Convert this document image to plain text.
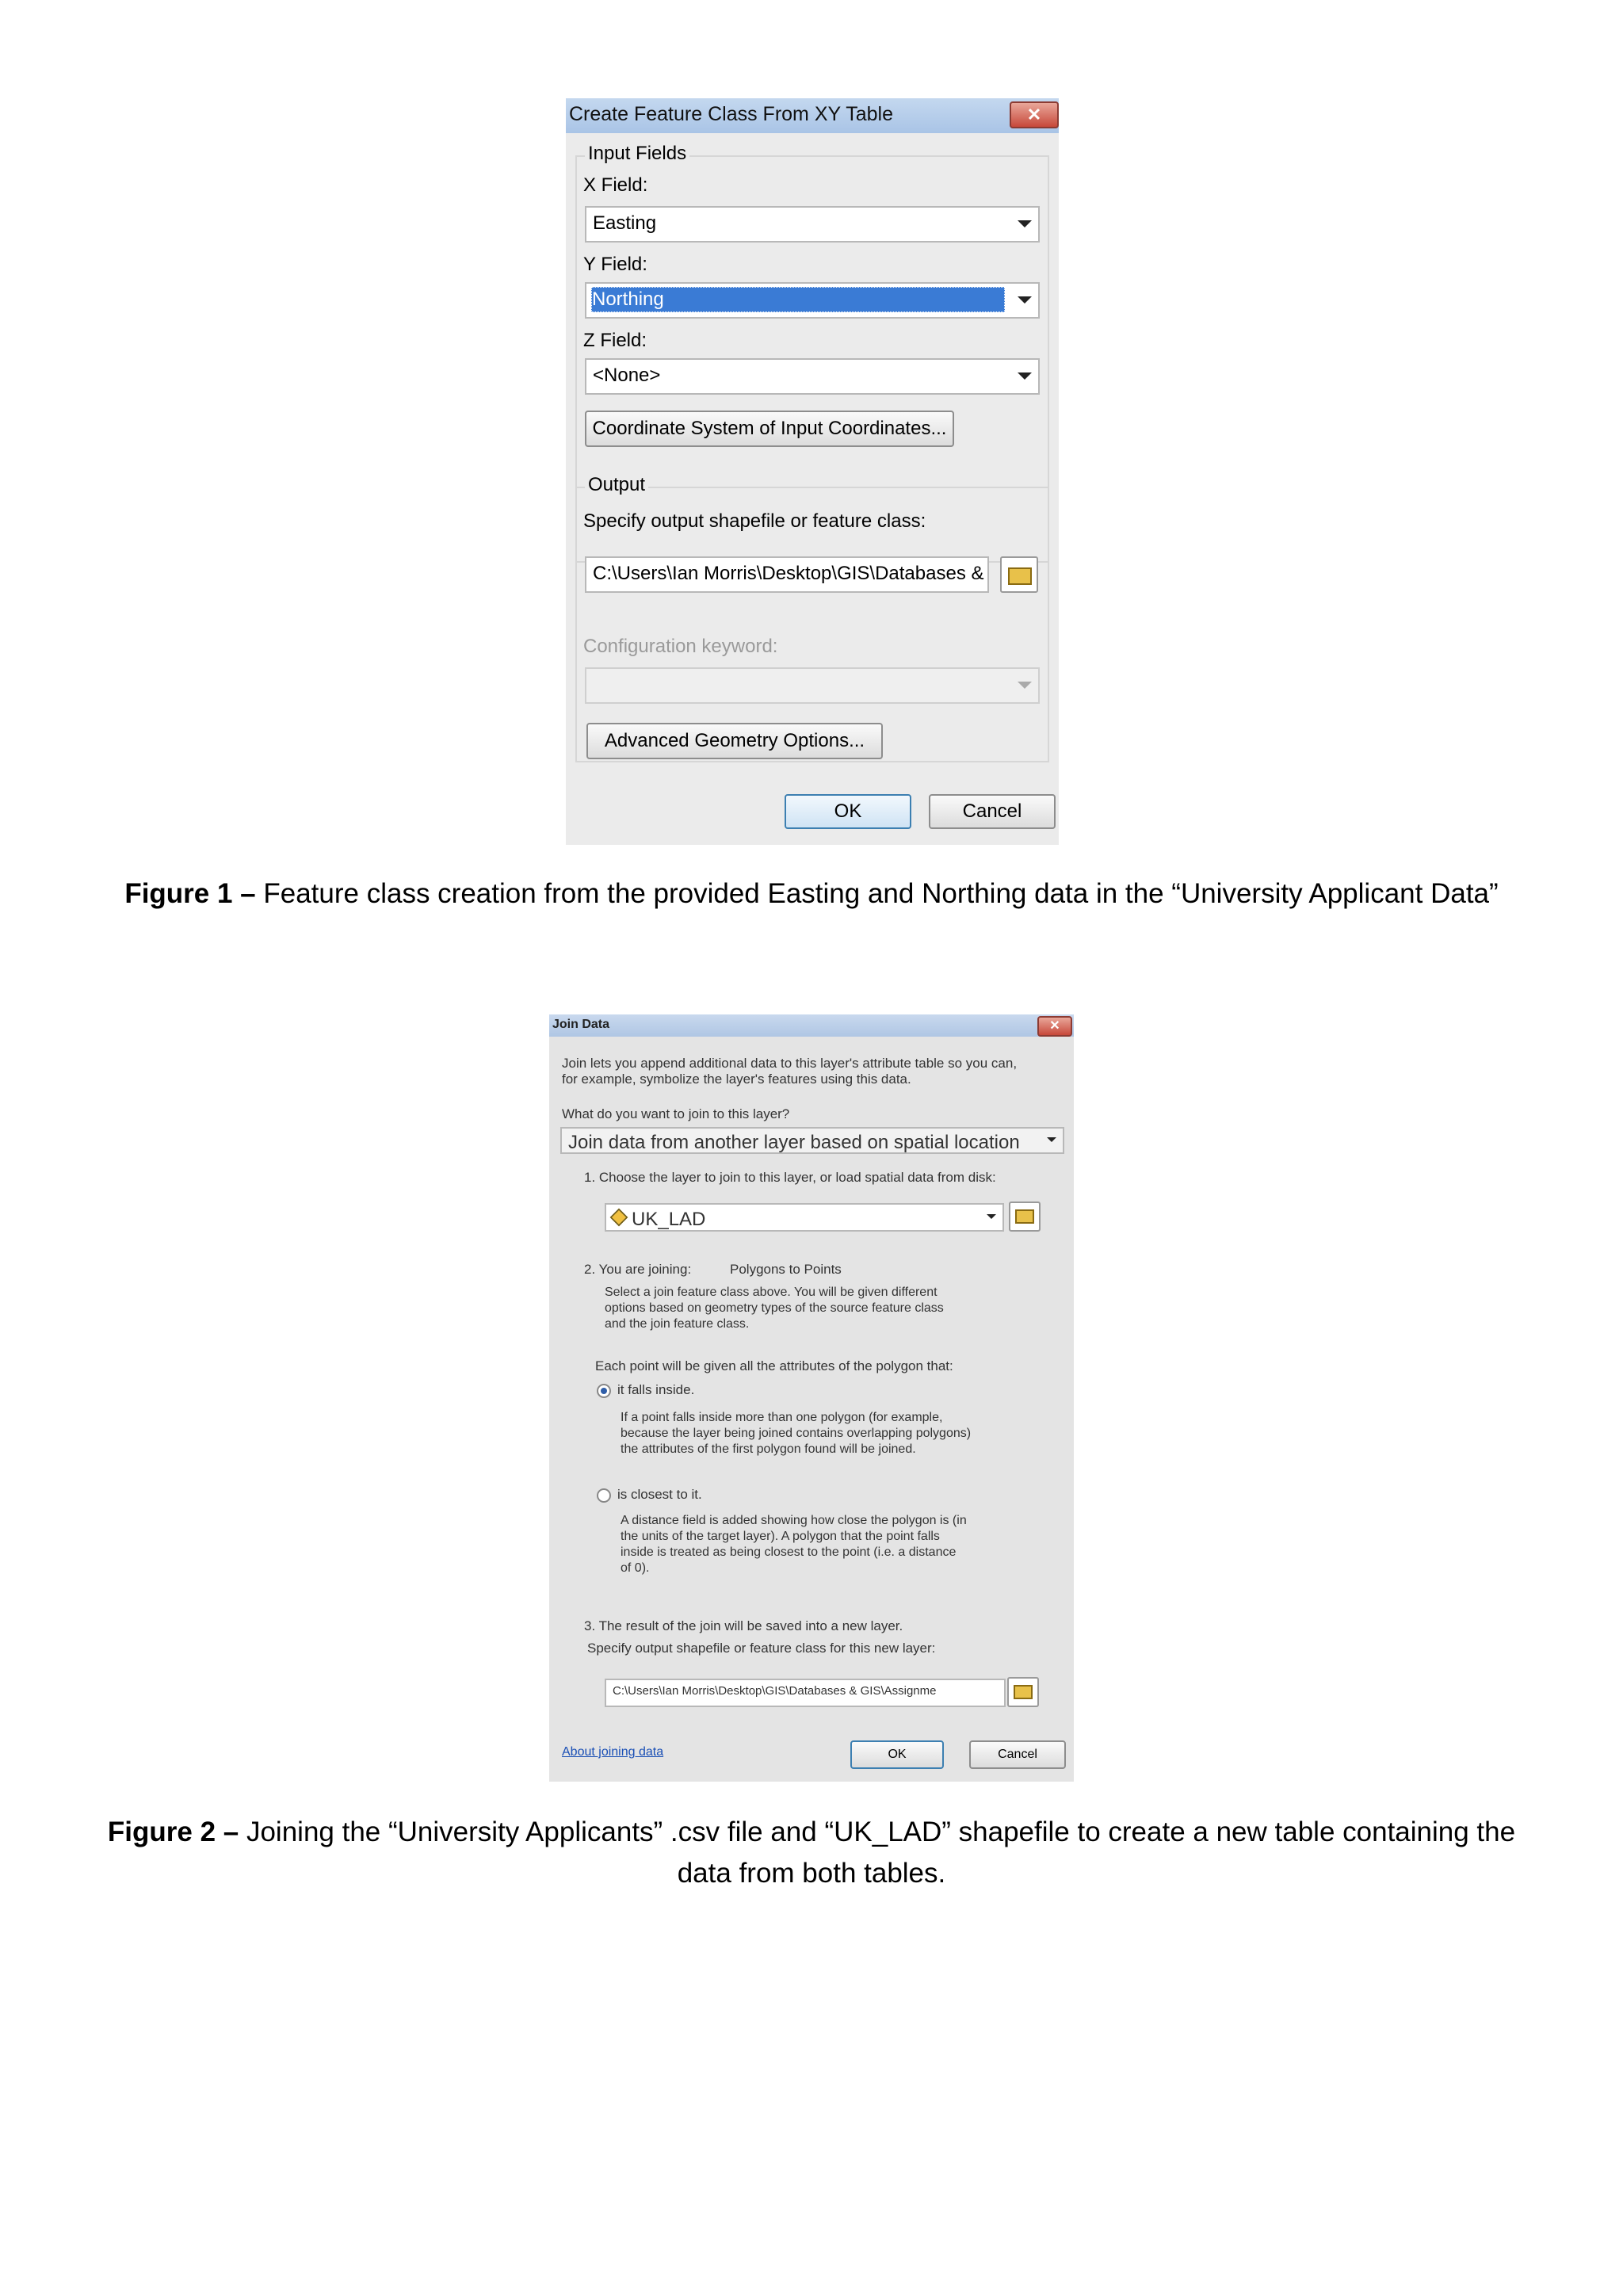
Create Feature Class From XY Table	✕
Input Fields
X Field:
Easting
Y Field:
Northing
Z Field:
<None>
Coordinate System of Input Coordinates...
Output
Specify output shapefile or feature class:
C:\Users\Ian Morris\Desktop\GIS\Databases &
Configuration keyword:
Advanced Geometry Options...
OK	Cancel
Figure 1 – Feature class creation from the provided Easting and Northing data in the “University Applicant Data”
Join Data	✕
Join lets you append additional data to this layer's attribute table so you can,
for example, symbolize the layer's features using this data.
What do you want to join to this layer?
Join data from another layer based on spatial location
1. Choose the layer to join to this layer, or load spatial data from disk:
UK_LAD
2. You are joining:	Polygons to Points
Select a join feature class above. You will be given different
options based on geometry types of the source feature class
and the join feature class.
Each point will be given all the attributes of the polygon that:
it falls inside.
If a point falls inside more than one polygon (for example,
because the layer being joined contains overlapping polygons)
the attributes of the first polygon found will be joined.
is closest to it.
A distance field is added showing how close the polygon is (in
the units of the target layer). A polygon that the point falls
inside is treated as being closest to the point (i.e. a distance
of 0).
3. The result of the join will be saved into a new layer.
Specify output shapefile or feature class for this new layer:
C:\Users\Ian Morris\Desktop\GIS\Databases & GIS\Assignme
About joining data	OK	Cancel
Figure 2 – Joining the “University Applicants” .csv file and “UK_LAD” shapefile to create a new table containing the
data from both tables.
